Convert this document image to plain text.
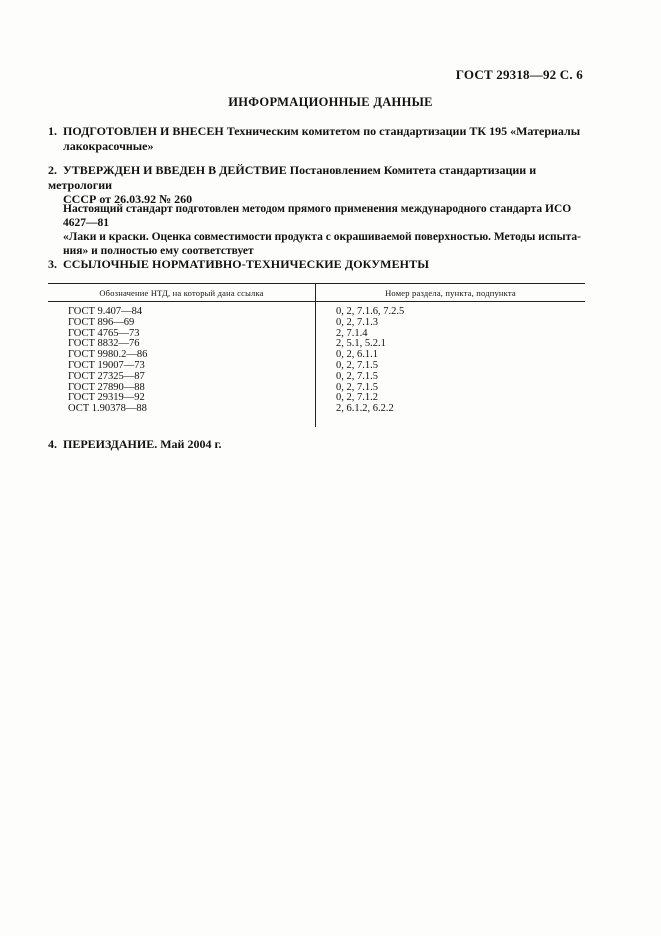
ГОСТ 29318—92 С. 6
ИНФОРМАЦИОННЫЕ ДАННЫЕ
1. ПОДГОТОВЛЕН И ВНЕСЕН Техническим комитетом по стандартизации ТК 195 «Материалы
лакокрасочные»
2. УТВЕРЖДЕН И ВВЕДЕН В ДЕЙСТВИЕ Постановлением Комитета стандартизации и метрологии
СССР от 26.03.92 № 260
Настоящий стандарт подготовлен методом прямого применения международного стандарта ИСО 4627—81
«Лаки и краски. Оценка совместимости продукта с окрашиваемой поверхностью. Методы испыта-
ния» и полностью ему соответствует
3. ССЫЛОЧНЫЕ НОРМАТИВНО-ТЕХНИЧЕСКИЕ ДОКУМЕНТЫ
Обозначение НТД, на который дана ссылка	Номер раздела, пункта, подпункта
ГОСТ 9.407—84	0, 2, 7.1.6, 7.2.5
ГОСТ 896—69	0, 2, 7.1.3
ГОСТ 4765—73	2, 7.1.4
ГОСТ 8832—76	2, 5.1, 5.2.1
ГОСТ 9980.2—86	0, 2, 6.1.1
ГОСТ 19007—73	0, 2, 7.1.5
ГОСТ 27325—87	0, 2, 7.1.5
ГОСТ 27890—88	0, 2, 7.1.5
ГОСТ 29319—92	0, 2, 7.1.2
ОСТ 1.90378—88	2, 6.1.2, 6.2.2
4. ПЕРЕИЗДАНИЕ. Май 2004 г.
